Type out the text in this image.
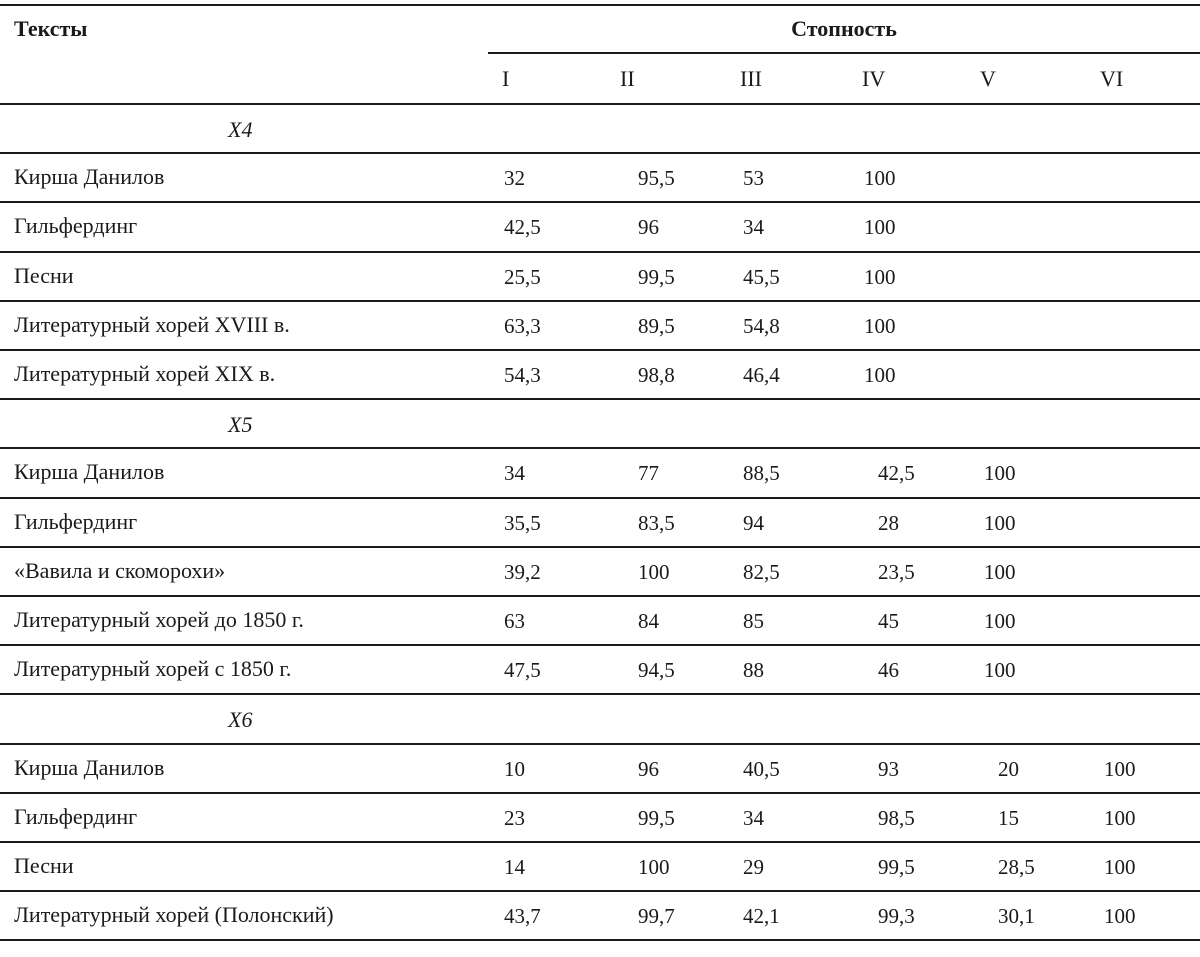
Тексты	Стопность
I	II	III	IV	V	VI
X4
Кирша Данилов	32	95,5	53	100
Гильфердинг	42,5	96	34	100
Песни	25,5	99,5	45,5	100
Литературный хорей XVIII в.	63,3	89,5	54,8	100
Литературный хорей XIX в.	54,3	98,8	46,4	100
X5
Кирша Данилов	34	77	88,5	42,5	100
Гильфердинг	35,5	83,5	94	28	100
«Вавила и скоморохи»	39,2	100	82,5	23,5	100
Литературный хорей до 1850 г.	63	84	85	45	100
Литературный хорей с 1850 г.	47,5	94,5	88	46	100
X6
Кирша Данилов	10	96	40,5	93	20	100
Гильфердинг	23	99,5	34	98,5	15	100
Песни	14	100	29	99,5	28,5	100
Литературный хорей (Полонский)	43,7	99,7	42,1	99,3	30,1	100
